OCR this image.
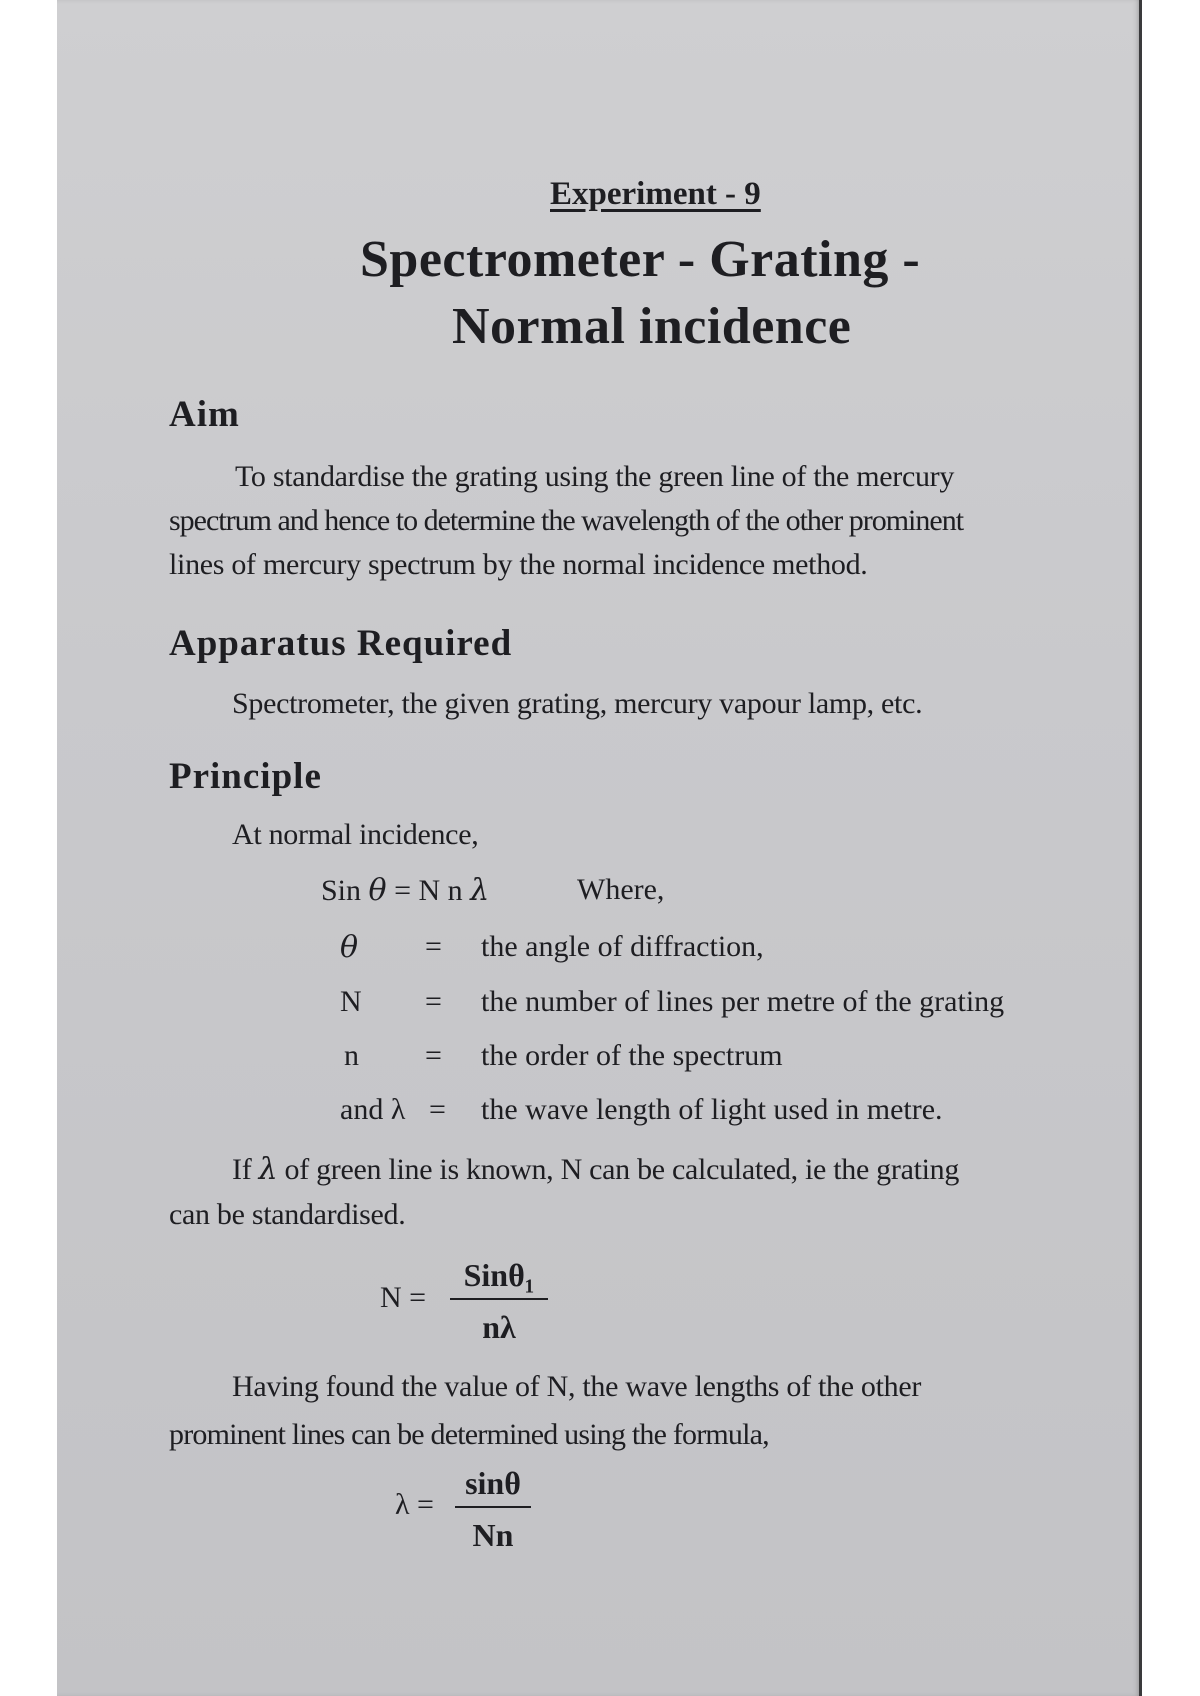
Experiment - 9
Spectrometer - Grating -
Normal incidence
Aim
To standardise the grating using the green line of the mercury
spectrum and hence to determine the wavelength of the other prominent
lines of mercury spectrum by the normal incidence method.
Apparatus Required
Spectrometer, the given grating, mercury vapour lamp, etc.
Principle
At normal incidence,
Sin θ = N n λ	Where,
θ = the angle of diffraction,
N = the number of lines per metre of the grating
n = the order of the spectrum
and λ = the wave length of light used in metre.
If λ of green line is known, N can be calculated, ie the grating
can be standardised.
N =
Sinθ₁
nλ
Having found the value of N, the wave lengths of the other
prominent lines can be determined using the formula,
λ =
sinθ
Nn
